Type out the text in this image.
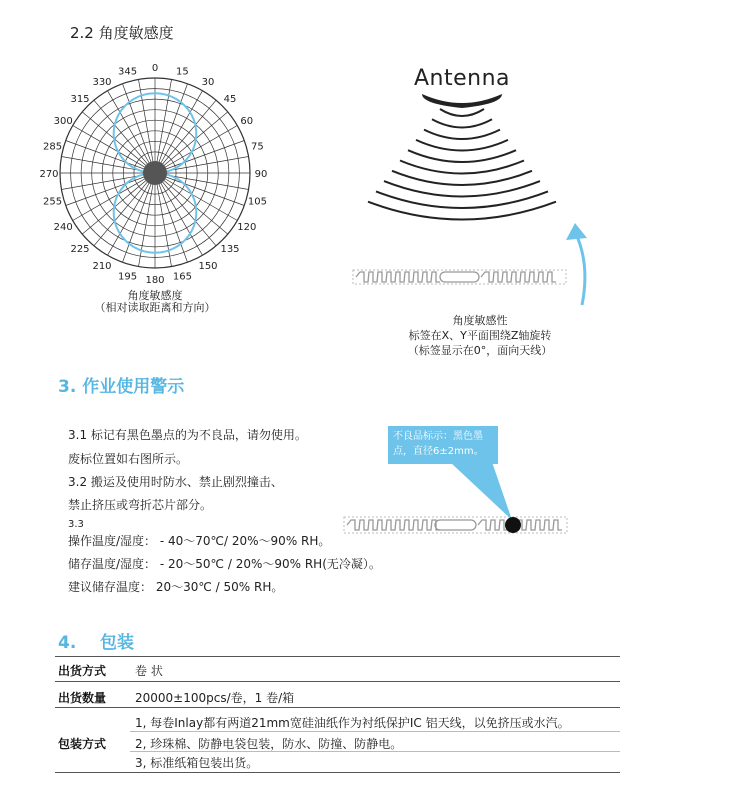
2.2 角度敏感度
0 15
30
45
60
75
90
105
120
135
150
165
180
195
210
225
240
255
270
285
300
315
330
345
角度敏感度
（相对读取距离和方向）
Antenna
角度敏感性
标签在X、Y平面围绕Z轴旋转
（标签显示在0°，面向天线）
3. 作业使用警示
3.1 标记有黑色墨点的为不良品，请勿使用。
废标位置如右图所示。
3.2 搬运及使用时防水、禁止剧烈撞击、
禁止挤压或弯折芯片部分。
3.3
操作温度/湿度： - 40～70℃/ 20%～90% RH。
储存温度/湿度： - 20～50℃ / 20%～90% RH(无冷凝）。
建议储存温度： 20～30℃ / 50% RH。
不良品标示：黑色墨
点，直径6±2mm。
4.    包装
出货方式 卷 状
出货数量 20000±100pcs/卷，1 卷/箱
包装方式
1, 每卷Inlay都有两道21mm宽硅油纸作为衬纸保护IC 铝天线，以免挤压或水汽。
2, 珍珠棉、防静电袋包装，防水、防撞、防静电。
3, 标准纸箱包装出货。
